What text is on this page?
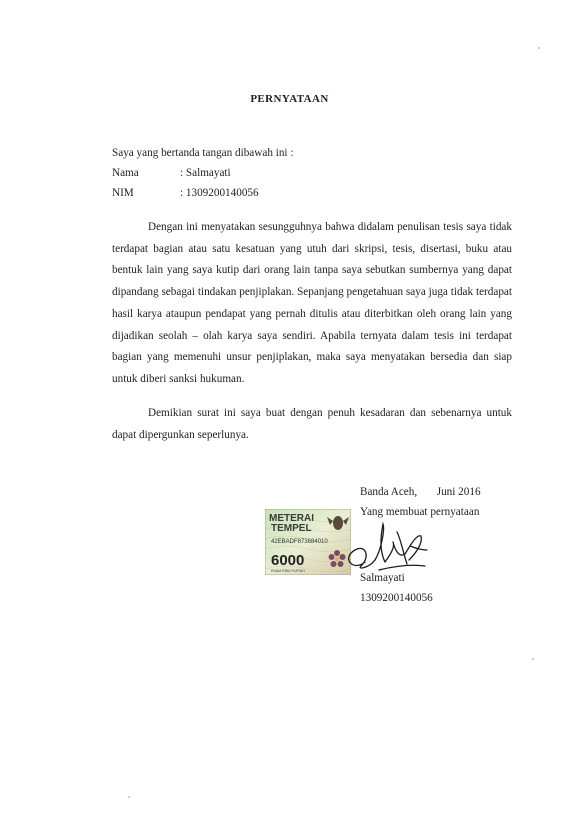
PERNYATAAN
Saya yang bertanda tangan dibawah ini :
Nama	: Salmayati
NIM	: 1309200140056
Dengan ini menyatakan sesungguhnya bahwa didalam penulisan tesis saya tidak terdapat bagian atau satu kesatuan yang utuh dari skripsi, tesis, disertasi, buku atau bentuk lain yang saya kutip dari orang lain tanpa saya sebutkan sumbernya yang dapat dipandang sebagai tindakan penjiplakan. Sepanjang pengetahuan saya juga tidak terdapat hasil karya ataupun pendapat yang pernah ditulis atau diterbitkan oleh orang lain yang dijadikan seolah – olah karya saya sendiri. Apabila ternyata dalam tesis ini terdapat bagian yang memenuhi unsur penjiplakan, maka saya menyatakan bersedia dan siap untuk diberi sanksi hukuman.
Demikian surat ini saya buat dengan penuh kesadaran dan sebenarnya untuk dapat dipergunkan seperlunya.
Banda Aceh,       Juni 2016
Yang membuat pernyataan
METERAI
TEMPEL
42EBADF873684010
6000
ENAM RIBU RUPIAH
Salmayati
1309200140056
